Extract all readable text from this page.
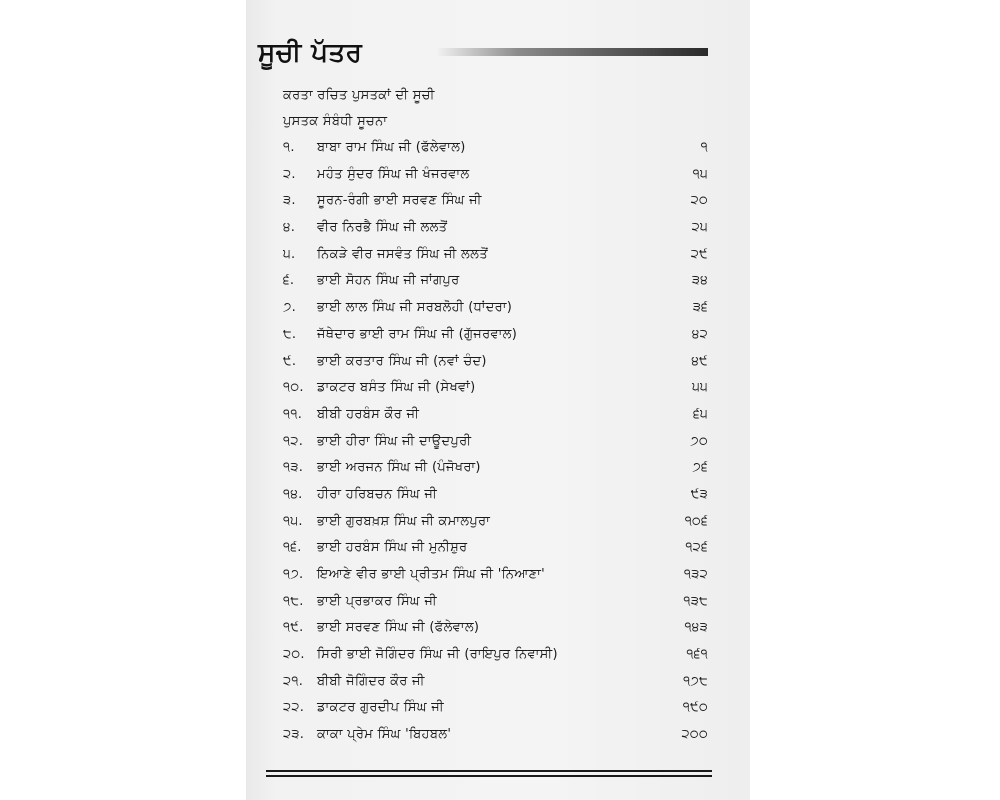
ਸੂਚੀ ਪੱਤਰ
ਕਰਤਾ ਰਚਿਤ ਪੁਸਤਕਾਂ ਦੀ ਸੂਚੀ
ਪੁਸਤਕ ਸੰਬੰਧੀ ਸੂਚਨਾ
੧. ਬਾਬਾ ਰਾਮ ਸਿੰਘ ਜੀ (ਫੱਲੇਵਾਲ)	੧
੨. ਮਹੰਤ ਸੁੰਦਰ ਸਿੰਘ ਜੀ ਖੰਜਰਵਾਲ	੧੫
੩. ਸੂਰਨ-ਰੰਗੀ ਭਾਈ ਸਰਵਣ ਸਿੰਘ ਜੀ	੨੦
੪. ਵੀਰ ਨਿਰਭੈ ਸਿੰਘ ਜੀ ਲਲਤੋਂ	੨੫
੫. ਨਿਕੜੇ ਵੀਰ ਜਸਵੰਤ ਸਿੰਘ ਜੀ ਲਲਤੋਂ	੨੯
੬. ਭਾਈ ਸੋਹਨ ਸਿੰਘ ਜੀ ਜਾਂਗਪੁਰ	੩੪
੭. ਭਾਈ ਲਾਲ ਸਿੰਘ ਜੀ ਸਰਬਲੋਹੀ (ਧਾਂਦਰਾ)	੩੬
੮. ਜੱਥੇਦਾਰ ਭਾਈ ਰਾਮ ਸਿੰਘ ਜੀ (ਗੁੱਜਰਵਾਲ)	੪੨
੯. ਭਾਈ ਕਰਤਾਰ ਸਿੰਘ ਜੀ (ਨਵਾਂ ਚੰਦ)	੪੯
੧੦. ਡਾਕਟਰ ਬਸੰਤ ਸਿੰਘ ਜੀ (ਸੇਖਵਾਂ)	੫੫
੧੧. ਬੀਬੀ ਹਰਬੰਸ ਕੌਰ ਜੀ	੬੫
੧੨. ਭਾਈ ਹੀਰਾ ਸਿੰਘ ਜੀ ਦਾਊਦਪੁਰੀ	੭੦
੧੩. ਭਾਈ ਅਰਜਨ ਸਿੰਘ ਜੀ (ਪੰਜੋਖਰਾ)	੭੬
੧੪. ਹੀਰਾ ਹਰਿਬਚਨ ਸਿੰਘ ਜੀ	੯੩
੧੫. ਭਾਈ ਗੁਰਬਖ਼ਸ਼ ਸਿੰਘ ਜੀ ਕਮਾਲਪੁਰਾ	੧੦੬
੧੬. ਭਾਈ ਹਰਬੰਸ ਸਿੰਘ ਜੀ ਮੁਨੀਸ਼ੁਰ	੧੨੬
੧੭. ਇਆਣੇ ਵੀਰ ਭਾਈ ਪ੍ਰੀਤਮ ਸਿੰਘ ਜੀ 'ਨਿਆਣਾ'	੧੩੨
੧੮. ਭਾਈ ਪ੍ਰਭਾਕਰ ਸਿੰਘ ਜੀ	੧੩੮
੧੯. ਭਾਈ ਸਰਵਣ ਸਿੰਘ ਜੀ (ਫੱਲੇਵਾਲ)	੧੪੩
੨੦. ਸਿਰੀ ਭਾਈ ਜੋਗਿੰਦਰ ਸਿੰਘ ਜੀ (ਰਾਇਪੁਰ ਨਿਵਾਸੀ)	੧੬੧
੨੧. ਬੀਬੀ ਜੋਗਿੰਦਰ ਕੌਰ ਜੀ	੧੭੮
੨੨. ਡਾਕਟਰ ਗੁਰਦੀਪ ਸਿੰਘ ਜੀ	੧੯੦
੨੩. ਕਾਕਾ ਪ੍ਰੇਮ ਸਿੰਘ 'ਬਿਹਬਲ'	੨੦੦
